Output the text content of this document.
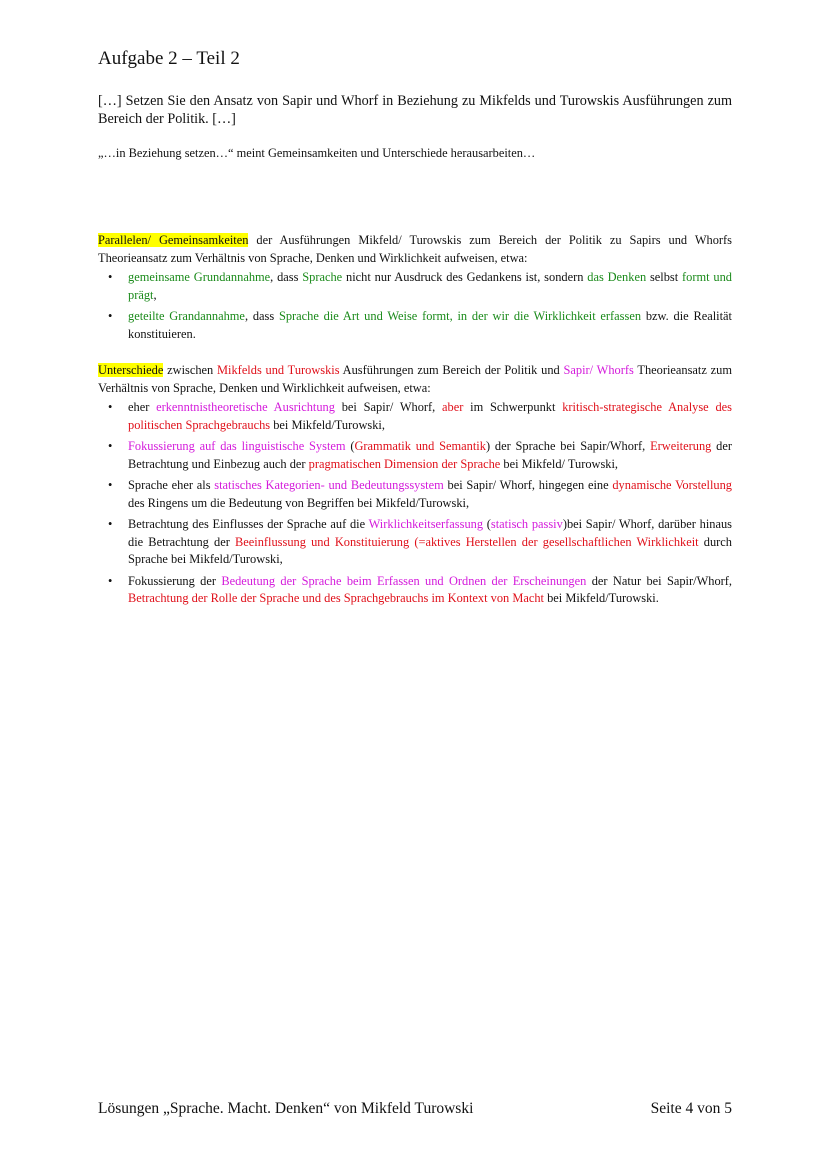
Aufgabe 2 – Teil 2
[…] Setzen Sie den Ansatz von Sapir und Whorf in Beziehung zu Mikfelds und Turowskis Ausführungen zum Bereich der Politik. […]
„…in Beziehung setzen…“ meint Gemeinsamkeiten und Unterschiede herausarbeiten…

Parallelen/ Gemeinsamkeiten der Ausführungen Mikfeld/ Turowskis zum Bereich der Politik zu Sapirs und Whorfs Theorieansatz zum Verhältnis von Sprache, Denken und Wirklichkeit aufweisen, etwa:

• gemeinsame Grundannahme, dass Sprache nicht nur Ausdruck des Gedankens ist, sondern das Denken selbst formt und prägt,
• geteilte Grandannahme, dass Sprache die Art und Weise formt, in der wir die Wirklichkeit erfassen bzw. die Realität konstituieren.

Unterschiede zwischen Mikfelds und Turowskis Ausführungen zum Bereich der Politik und Sapir/ Whorfs Theorieansatz zum Verhältnis von Sprache, Denken und Wirklichkeit aufweisen, etwa:

• eher erkenntnistheoretische Ausrichtung bei Sapir/ Whorf, aber im Schwerpunkt kritisch-strategische Analyse des politischen Sprachgebrauchs bei Mikfeld/Turowski,
• Fokussierung auf das linguistische System (Grammatik und Semantik) der Sprache bei Sapir/Whorf, Erweiterung der Betrachtung und Einbezug auch der pragmatischen Dimension der Sprache bei Mikfeld/ Turowski,
• Sprache eher als statisches Kategorien- und Bedeutungssystem bei Sapir/ Whorf, hingegen eine dynamische Vorstellung des Ringens um die Bedeutung von Begriffen bei Mikfeld/Turowski,
• Betrachtung des Einflusses der Sprache auf die Wirklichkeitserfassung (statisch passiv)bei Sapir/ Whorf, darüber hinaus die Betrachtung der Beeinflussung und Konstituierung (=aktives Herstellen der gesellschaftlichen Wirklichkeit durch Sprache bei Mikfeld/Turowski,
• Fokussierung der Bedeutung der Sprache beim Erfassen und Ordnen der Erscheinungen der Natur bei Sapir/Whorf, Betrachtung der Rolle der Sprache und des Sprachgebrauchs im Kontext von Macht bei Mikfeld/Turowski.
Lösungen „Sprache. Macht. Denken“ von Mikfeld Turowski	Seite 4 von 5
